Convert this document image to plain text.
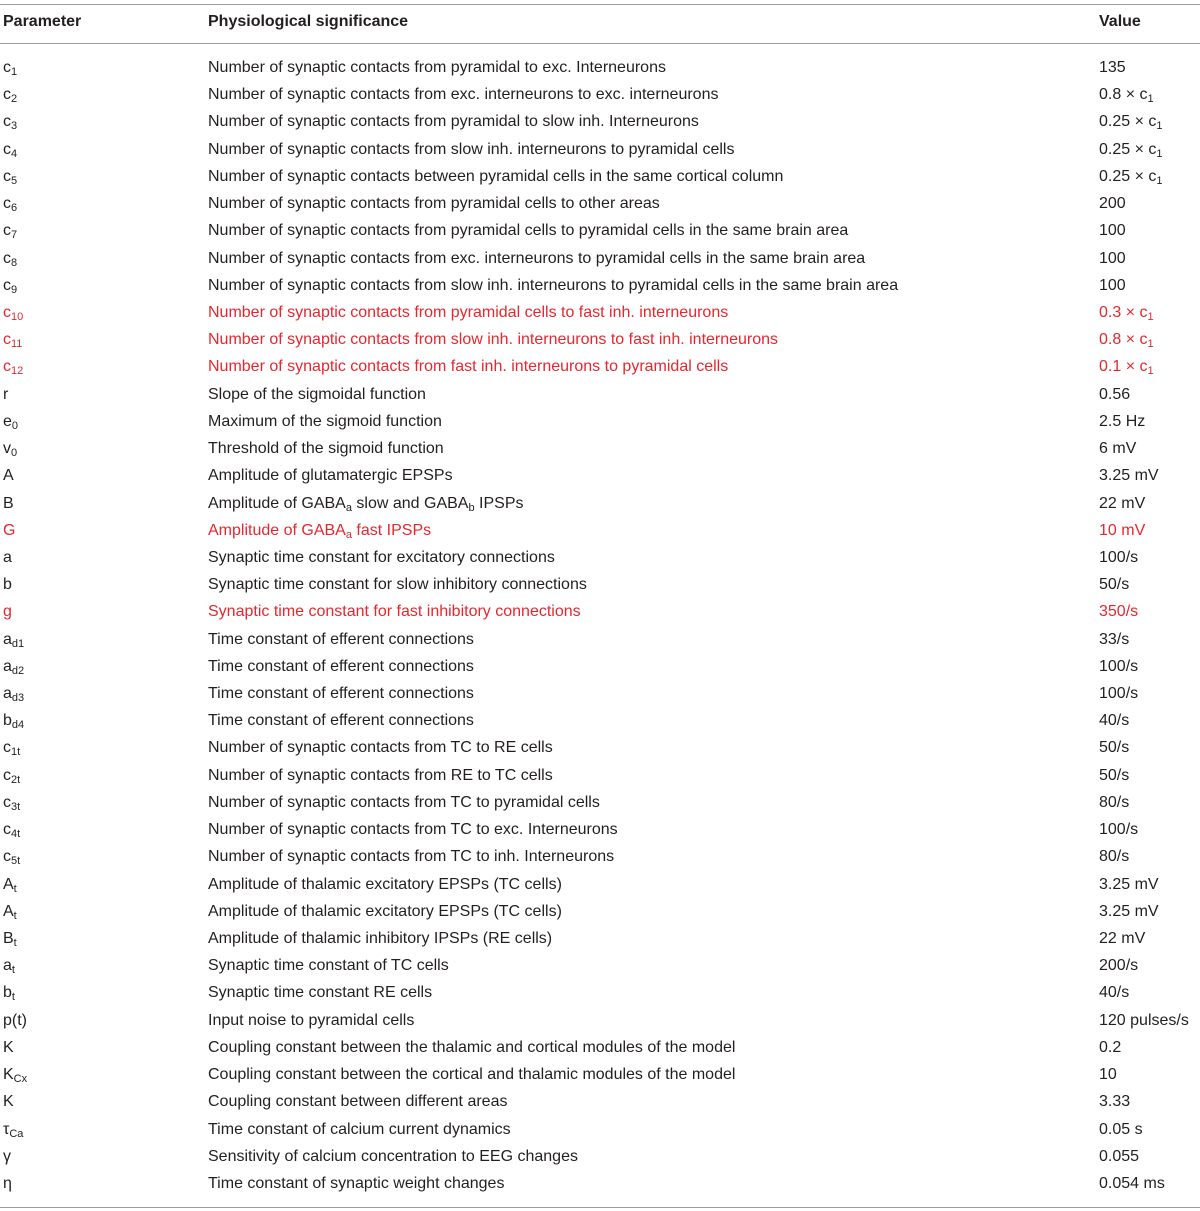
Parameter	Physiological significance	Value
$c_1$	Number of synaptic contacts from pyramidal to exc. Interneurons	135
$c_2$	Number of synaptic contacts from exc. interneurons to exc. interneurons	$0.8 \times c_1$
$c_3$	Number of synaptic contacts from pyramidal to slow inh. Interneurons	$0.25 \times c_1$
$c_4$	Number of synaptic contacts from slow inh. interneurons to pyramidal cells	$0.25 \times c_1$
$c_5$	Number of synaptic contacts between pyramidal cells in the same cortical column	$0.25 \times c_1$
$c_6$	Number of synaptic contacts from pyramidal cells to other areas	200
$c_7$	Number of synaptic contacts from pyramidal cells to pyramidal cells in the same brain area	100
$c_8$	Number of synaptic contacts from exc. interneurons to pyramidal cells in the same brain area	100
$c_9$	Number of synaptic contacts from slow inh. interneurons to pyramidal cells in the same brain area	100
$c_{10}$	Number of synaptic contacts from pyramidal cells to fast inh. interneurons	$0.3 \times c_1$
$c_{11}$	Number of synaptic contacts from slow inh. interneurons to fast inh. interneurons	$0.8 \times c_1$
$c_{12}$	Number of synaptic contacts from fast inh. interneurons to pyramidal cells	$0.1 \times c_1$
r	Slope of the sigmoidal function	0.56
$e_0$	Maximum of the sigmoid function	2.5 Hz
$v_0$	Threshold of the sigmoid function	6 mV
A	Amplitude of glutamatergic EPSPs	3.25 mV
B	Amplitude of $GABA_a$ slow and $GABA_b$ IPSPs	22 mV
G	Amplitude of $GABA_a$ fast IPSPs	10 mV
a	Synaptic time constant for excitatory connections	100/s
b	Synaptic time constant for slow inhibitory connections	50/s
g	Synaptic time constant for fast inhibitory connections	350/s
$a_{d1}$	Time constant of efferent connections	33/s
$a_{d2}$	Time constant of efferent connections	100/s
$a_{d3}$	Time constant of efferent connections	100/s
$b_{d4}$	Time constant of efferent connections	40/s
$c_{1t}$	Number of synaptic contacts from TC to RE cells	50/s
$c_{2t}$	Number of synaptic contacts from RE to TC cells	50/s
$c_{3t}$	Number of synaptic contacts from TC to pyramidal cells	80/s
$c_{4t}$	Number of synaptic contacts from TC to exc. Interneurons	100/s
$c_{5t}$	Number of synaptic contacts from TC to inh. Interneurons	80/s
$A_t$	Amplitude of thalamic excitatory EPSPs (TC cells)	3.25 mV
$A_t$	Amplitude of thalamic excitatory EPSPs (TC cells)	3.25 mV
$B_t$	Amplitude of thalamic inhibitory IPSPs (RE cells)	22 mV
$a_t$	Synaptic time constant of TC cells	200/s
$b_t$	Synaptic time constant RE cells	40/s
p(t)	Input noise to pyramidal cells	120 pulses/s
K	Coupling constant between the thalamic and cortical modules of the model	0.2
$K_{Cx}$	Coupling constant between the cortical and thalamic modules of the model	10
K	Coupling constant between different areas	3.33
$\tau_{Ca}$	Time constant of calcium current dynamics	0.05 s
γ	Sensitivity of calcium concentration to EEG changes	0.055
η	Time constant of synaptic weight changes	0.054 ms
